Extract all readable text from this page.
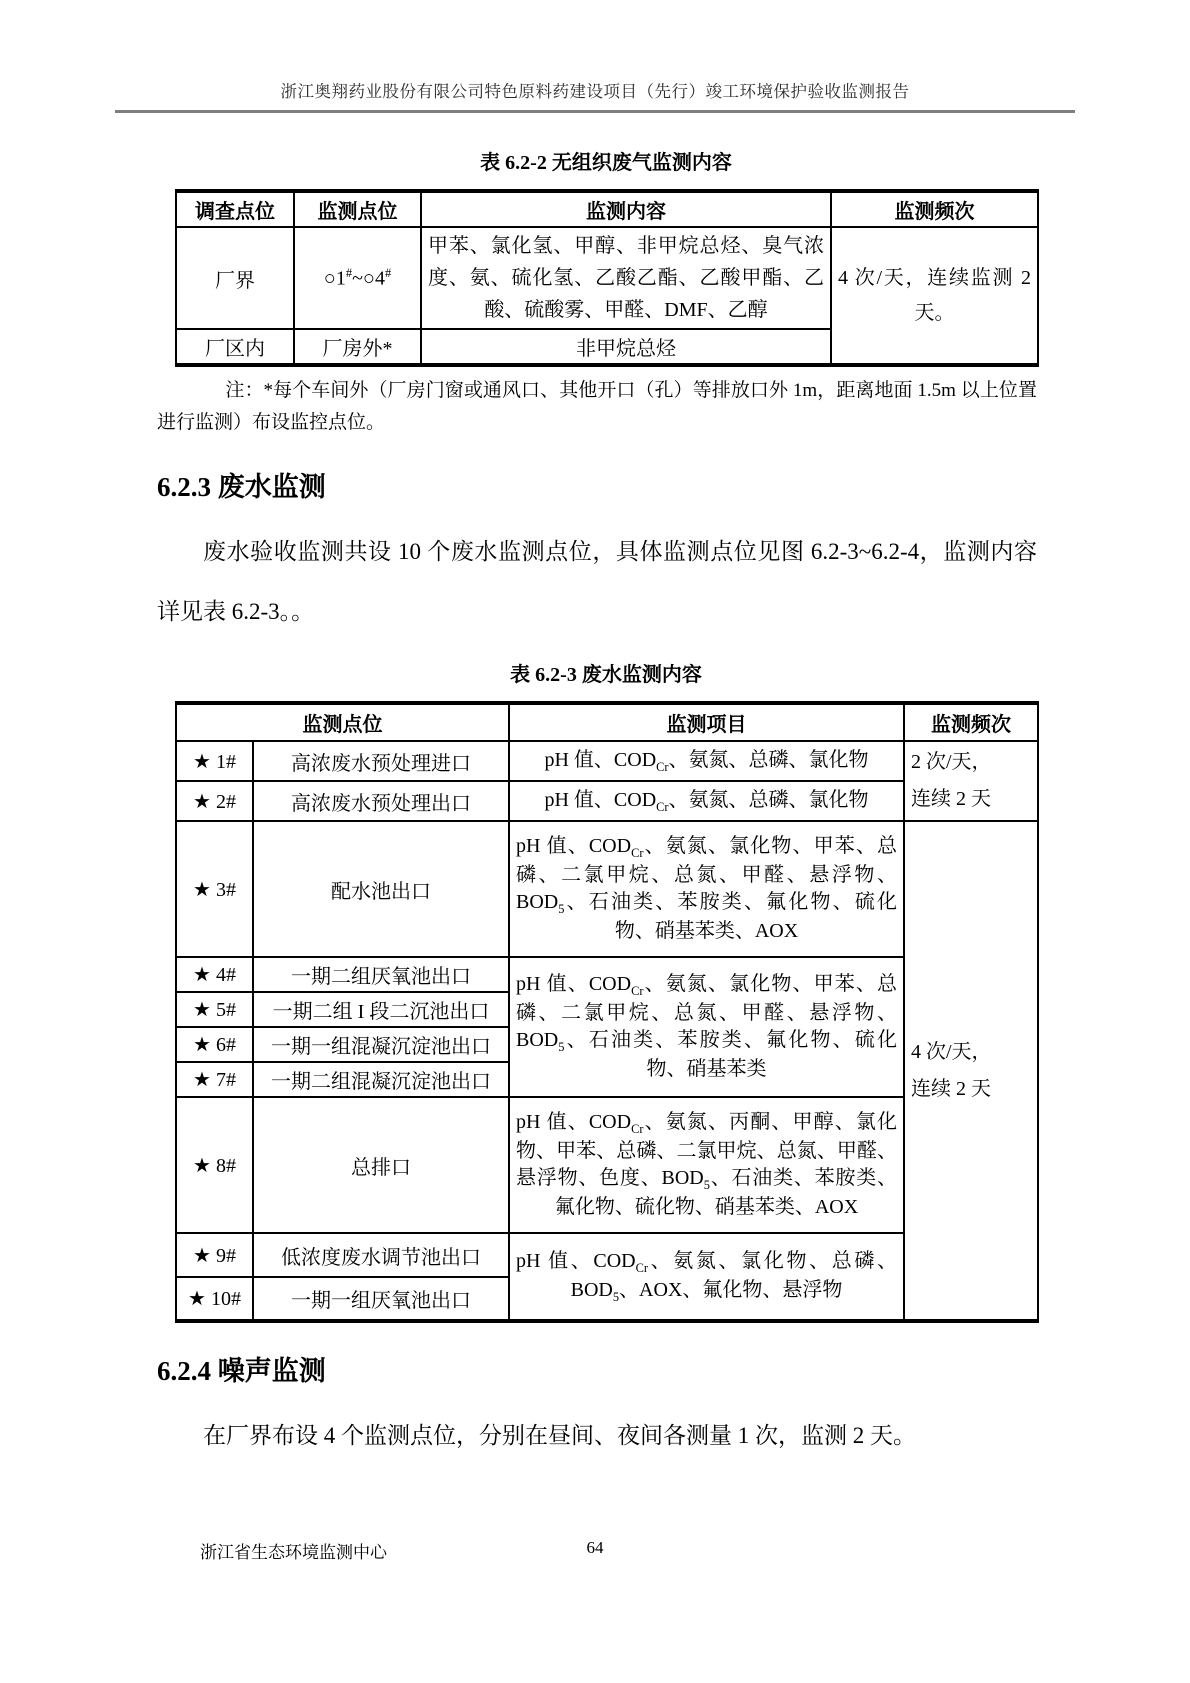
浙江奥翔药业股份有限公司特色原料药建设项目（先行）竣工环境保护验收监测报告
表 6.2-2 无组织废气监测内容
调查点位	监测点位	监测内容	监测频次
厂界	○1#~○4#	甲苯、氯化氢、甲醇、非甲烷总烃、臭气浓度、氨、硫化氢、乙酸乙酯、乙酸甲酯、乙酸、硫酸雾、甲醛、DMF、乙醇	4 次/天，连续监测 2 天。
厂区内	厂房外*	非甲烷总烃	
注：*每个车间外（厂房门窗或通风口、其他开口（孔）等排放口外 1m，距离地面 1.5m 以上位置进行监测）布设监控点位。
6.2.3 废水监测
废水验收监测共设 10 个废水监测点位，具体监测点位见图 6.2-3~6.2-4，监测内容详见表 6.2-3。。
表 6.2-3 废水监测内容
监测点位		监测项目	监测频次
★ 1#	高浓废水预处理进口	pH 值、$COD_{Cr}$、氨氮、总磷、氯化物	2 次/天，
连续 2 天

★ 2#	高浓废水预处理出口	pH 值、$COD_{Cr}$、氨氮、总磷、氯化物	
★ 3#	配水池出口	pH 值、$COD_{Cr}$、氨氮、氯化物、甲苯、总磷、二氯甲烷、总氮、甲醛、悬浮物、$BOD_5$、石油类、苯胺类、氟化物、硫化物、硝基苯类、AOX	4 次/天，
连续 2 天

★ 4#	一期二组厌氧池出口	pH 值、$COD_{Cr}$、氨氮、氯化物、甲苯、总磷、二氯甲烷、总氮、甲醛、悬浮物、$BOD_5$、石油类、苯胺类、氟化物、硫化物、硝基苯类	
★ 5#	一期二组 I 段二沉池出口		
★ 6#	一期一组混凝沉淀池出口		
★ 7#	一期二组混凝沉淀池出口		
★ 8#	总排口	pH 值、$COD_{Cr}$、氨氮、丙酮、甲醇、氯化物、甲苯、总磷、二氯甲烷、总氮、甲醛、悬浮物、色度、$BOD_5$、石油类、苯胺类、氟化物、硫化物、硝基苯类、AOX	
★ 9#	低浓度废水调节池出口	pH 值、$COD_{Cr}$、氨氮、氯化物、总磷、$BOD_5$、AOX、氟化物、悬浮物	
★ 10#	一期一组厌氧池出口		
6.2.4 噪声监测
在厂界布设 4 个监测点位，分别在昼间、夜间各测量 1 次，监测 2 天。
浙江省生态环境监测中心	64
